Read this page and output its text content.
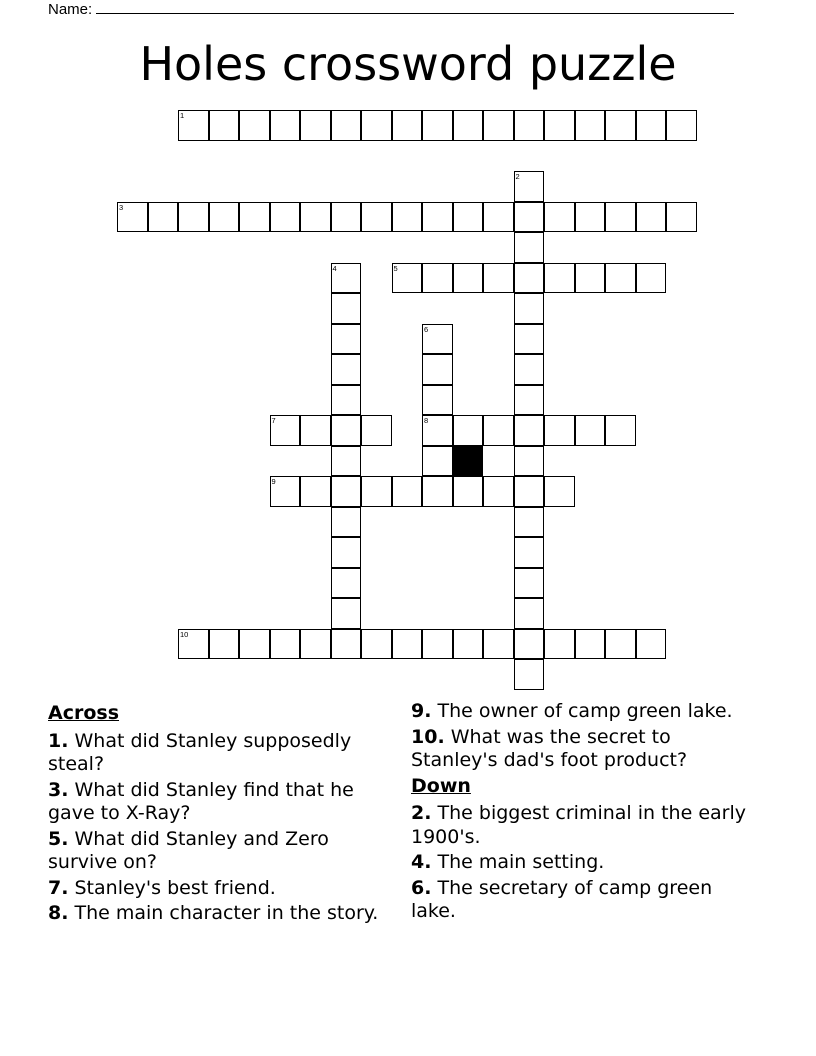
Name:
Holes crossword puzzle
1
2
3
4	5
6
8
7
9
10
Across
1. What did Stanley supposedly steal?
3. What did Stanley find that he gave to X-Ray?
5. What did Stanley and Zero survive on?
7. Stanley's best friend.
8. The main character in the story.
9. The owner of camp green lake.
10. What was the secret to Stanley's dad's foot product?
Down
2. The biggest criminal in the early 1900's.
4. The main setting.
6. The secretary of camp green lake.
